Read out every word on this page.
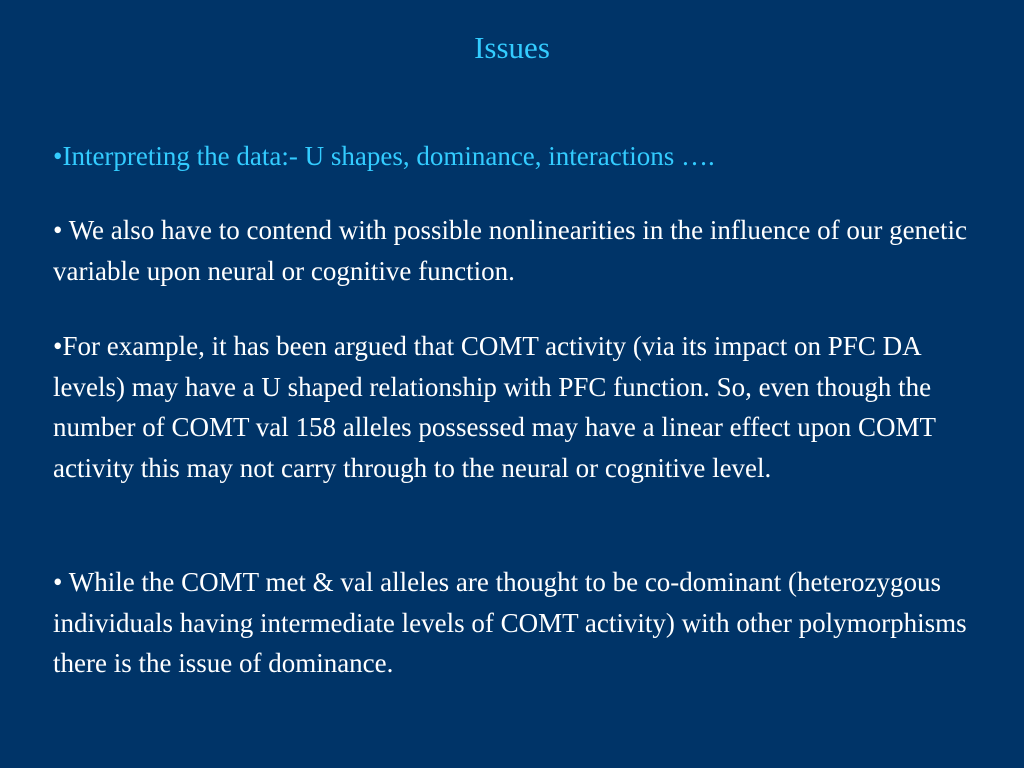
Issues

•Interpreting the data:- U shapes, dominance, interactions ….

• We also have to contend with possible nonlinearities in the influence of our genetic variable upon neural or cognitive function.

•For example, it has been argued that COMT activity (via its impact on PFC DA levels) may have a U shaped relationship with PFC function. So, even though the number of COMT val 158 alleles possessed may have a linear effect upon COMT activity this may not carry through to the neural or cognitive level.

• While the COMT met & val alleles are thought to be co-dominant (heterozygous individuals having intermediate levels of COMT activity) with other polymorphisms there is the issue of dominance.
